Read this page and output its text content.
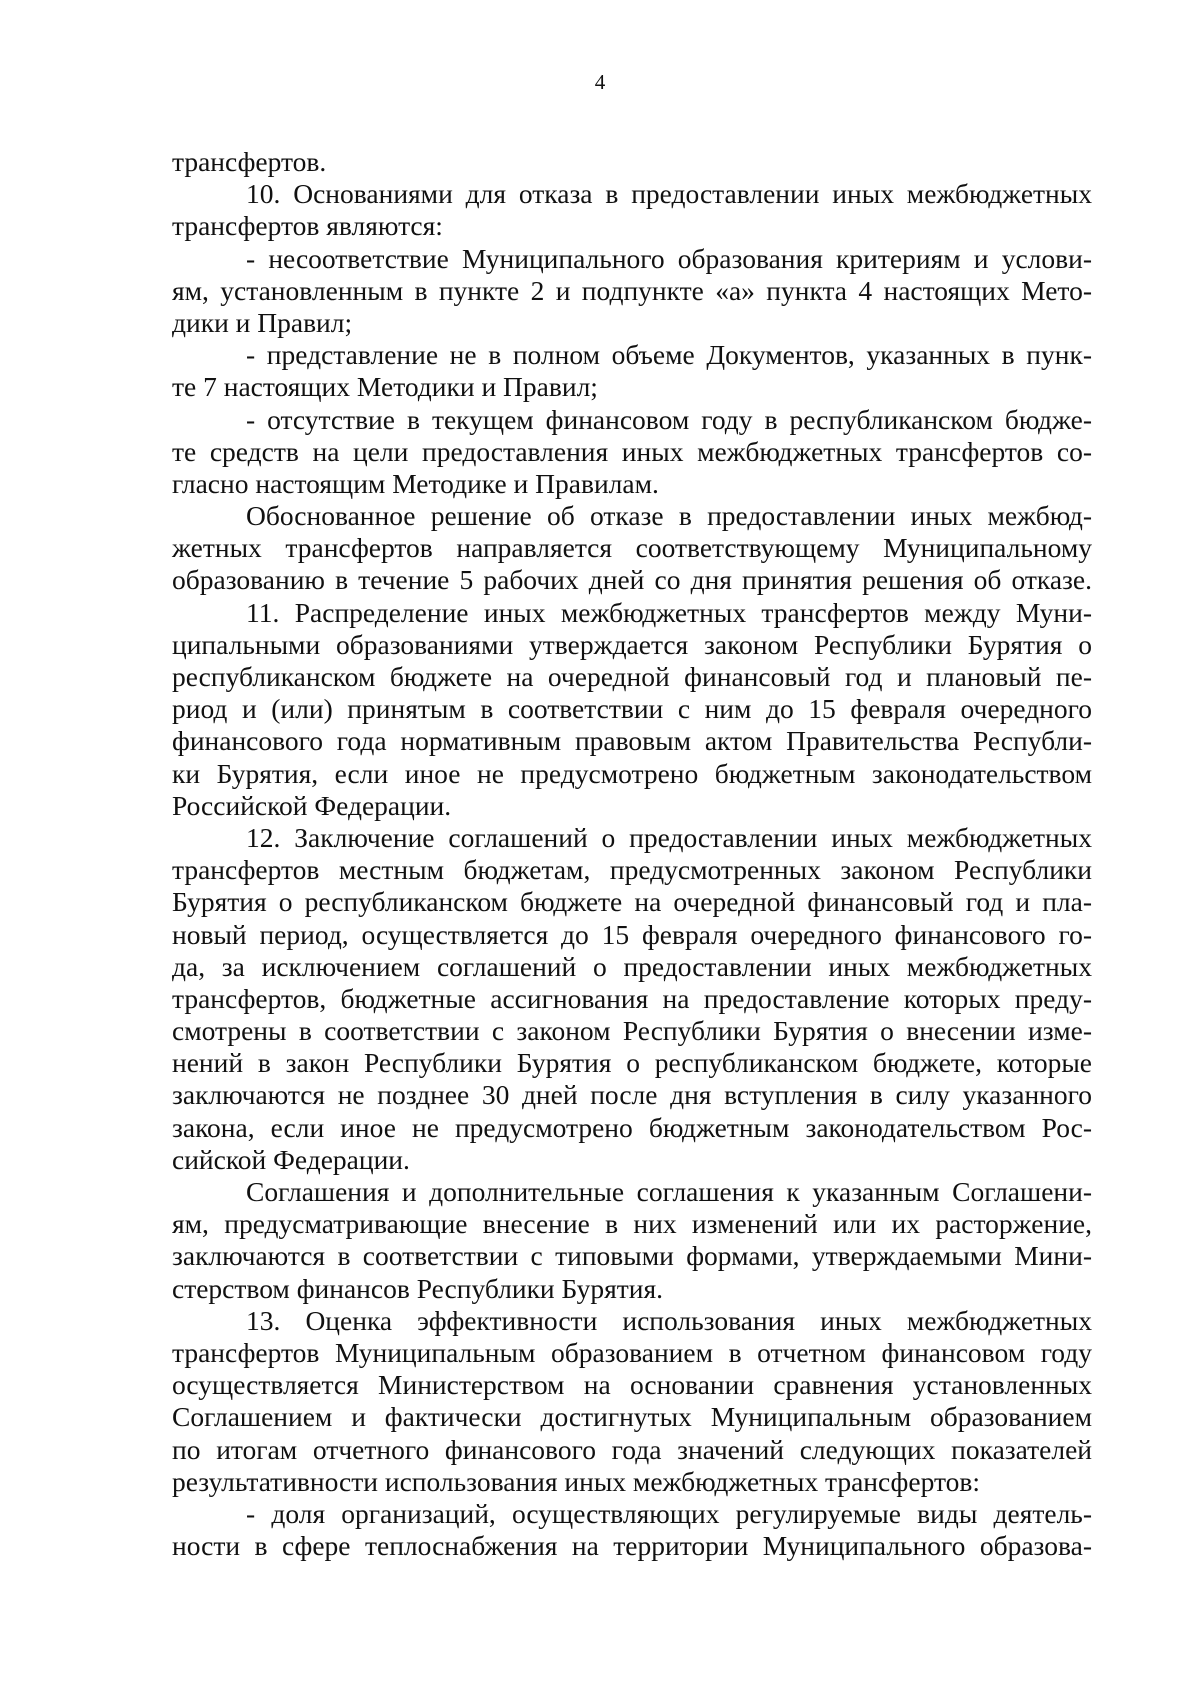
4
трансфертов.
10. Основаниями для отказа в предоставлении иных межбюджетных
трансфертов являются:
- несоответствие Муниципального образования критериям и услови-
ям, установленным в пункте 2 и подпункте «а» пункта 4 настоящих Мето-
дики и Правил;
- представление не в полном объеме Документов, указанных в пунк-
те 7 настоящих Методики и Правил;
- отсутствие в текущем финансовом году в республиканском бюдже-
те средств на цели предоставления иных межбюджетных трансфертов со-
гласно настоящим Методике и Правилам.
Обоснованное решение об отказе в предоставлении иных межбюд-
жетных трансфертов направляется соответствующему Муниципальному
образованию в течение 5 рабочих дней со дня принятия решения об отказе.
11. Распределение иных межбюджетных трансфертов между Муни-
ципальными образованиями утверждается законом Республики Бурятия о
республиканском бюджете на очередной финансовый год и плановый пе-
риод и (или) принятым в соответствии с ним до 15 февраля очередного
финансового года нормативным правовым актом Правительства Республи-
ки Бурятия, если иное не предусмотрено бюджетным законодательством
Российской Федерации.
12. Заключение соглашений о предоставлении иных межбюджетных
трансфертов местным бюджетам, предусмотренных законом Республики
Бурятия о республиканском бюджете на очередной финансовый год и пла-
новый период, осуществляется до 15 февраля очередного финансового го-
да, за исключением соглашений о предоставлении иных межбюджетных
трансфертов, бюджетные ассигнования на предоставление которых преду-
смотрены в соответствии с законом Республики Бурятия о внесении изме-
нений в закон Республики Бурятия о республиканском бюджете, которые
заключаются не позднее 30 дней после дня вступления в силу указанного
закона, если иное не предусмотрено бюджетным законодательством Рос-
сийской Федерации.
Соглашения и дополнительные соглашения к указанным Соглашени-
ям, предусматривающие внесение в них изменений или их расторжение,
заключаются в соответствии с типовыми формами, утверждаемыми Мини-
стерством финансов Республики Бурятия.
13. Оценка эффективности использования иных межбюджетных
трансфертов Муниципальным образованием в отчетном финансовом году
осуществляется Министерством на основании сравнения установленных
Соглашением и фактически достигнутых Муниципальным образованием
по итогам отчетного финансового года значений следующих показателей
результативности использования иных межбюджетных трансфертов:
- доля организаций, осуществляющих регулируемые виды деятель-
ности в сфере теплоснабжения на территории Муниципального образова-
